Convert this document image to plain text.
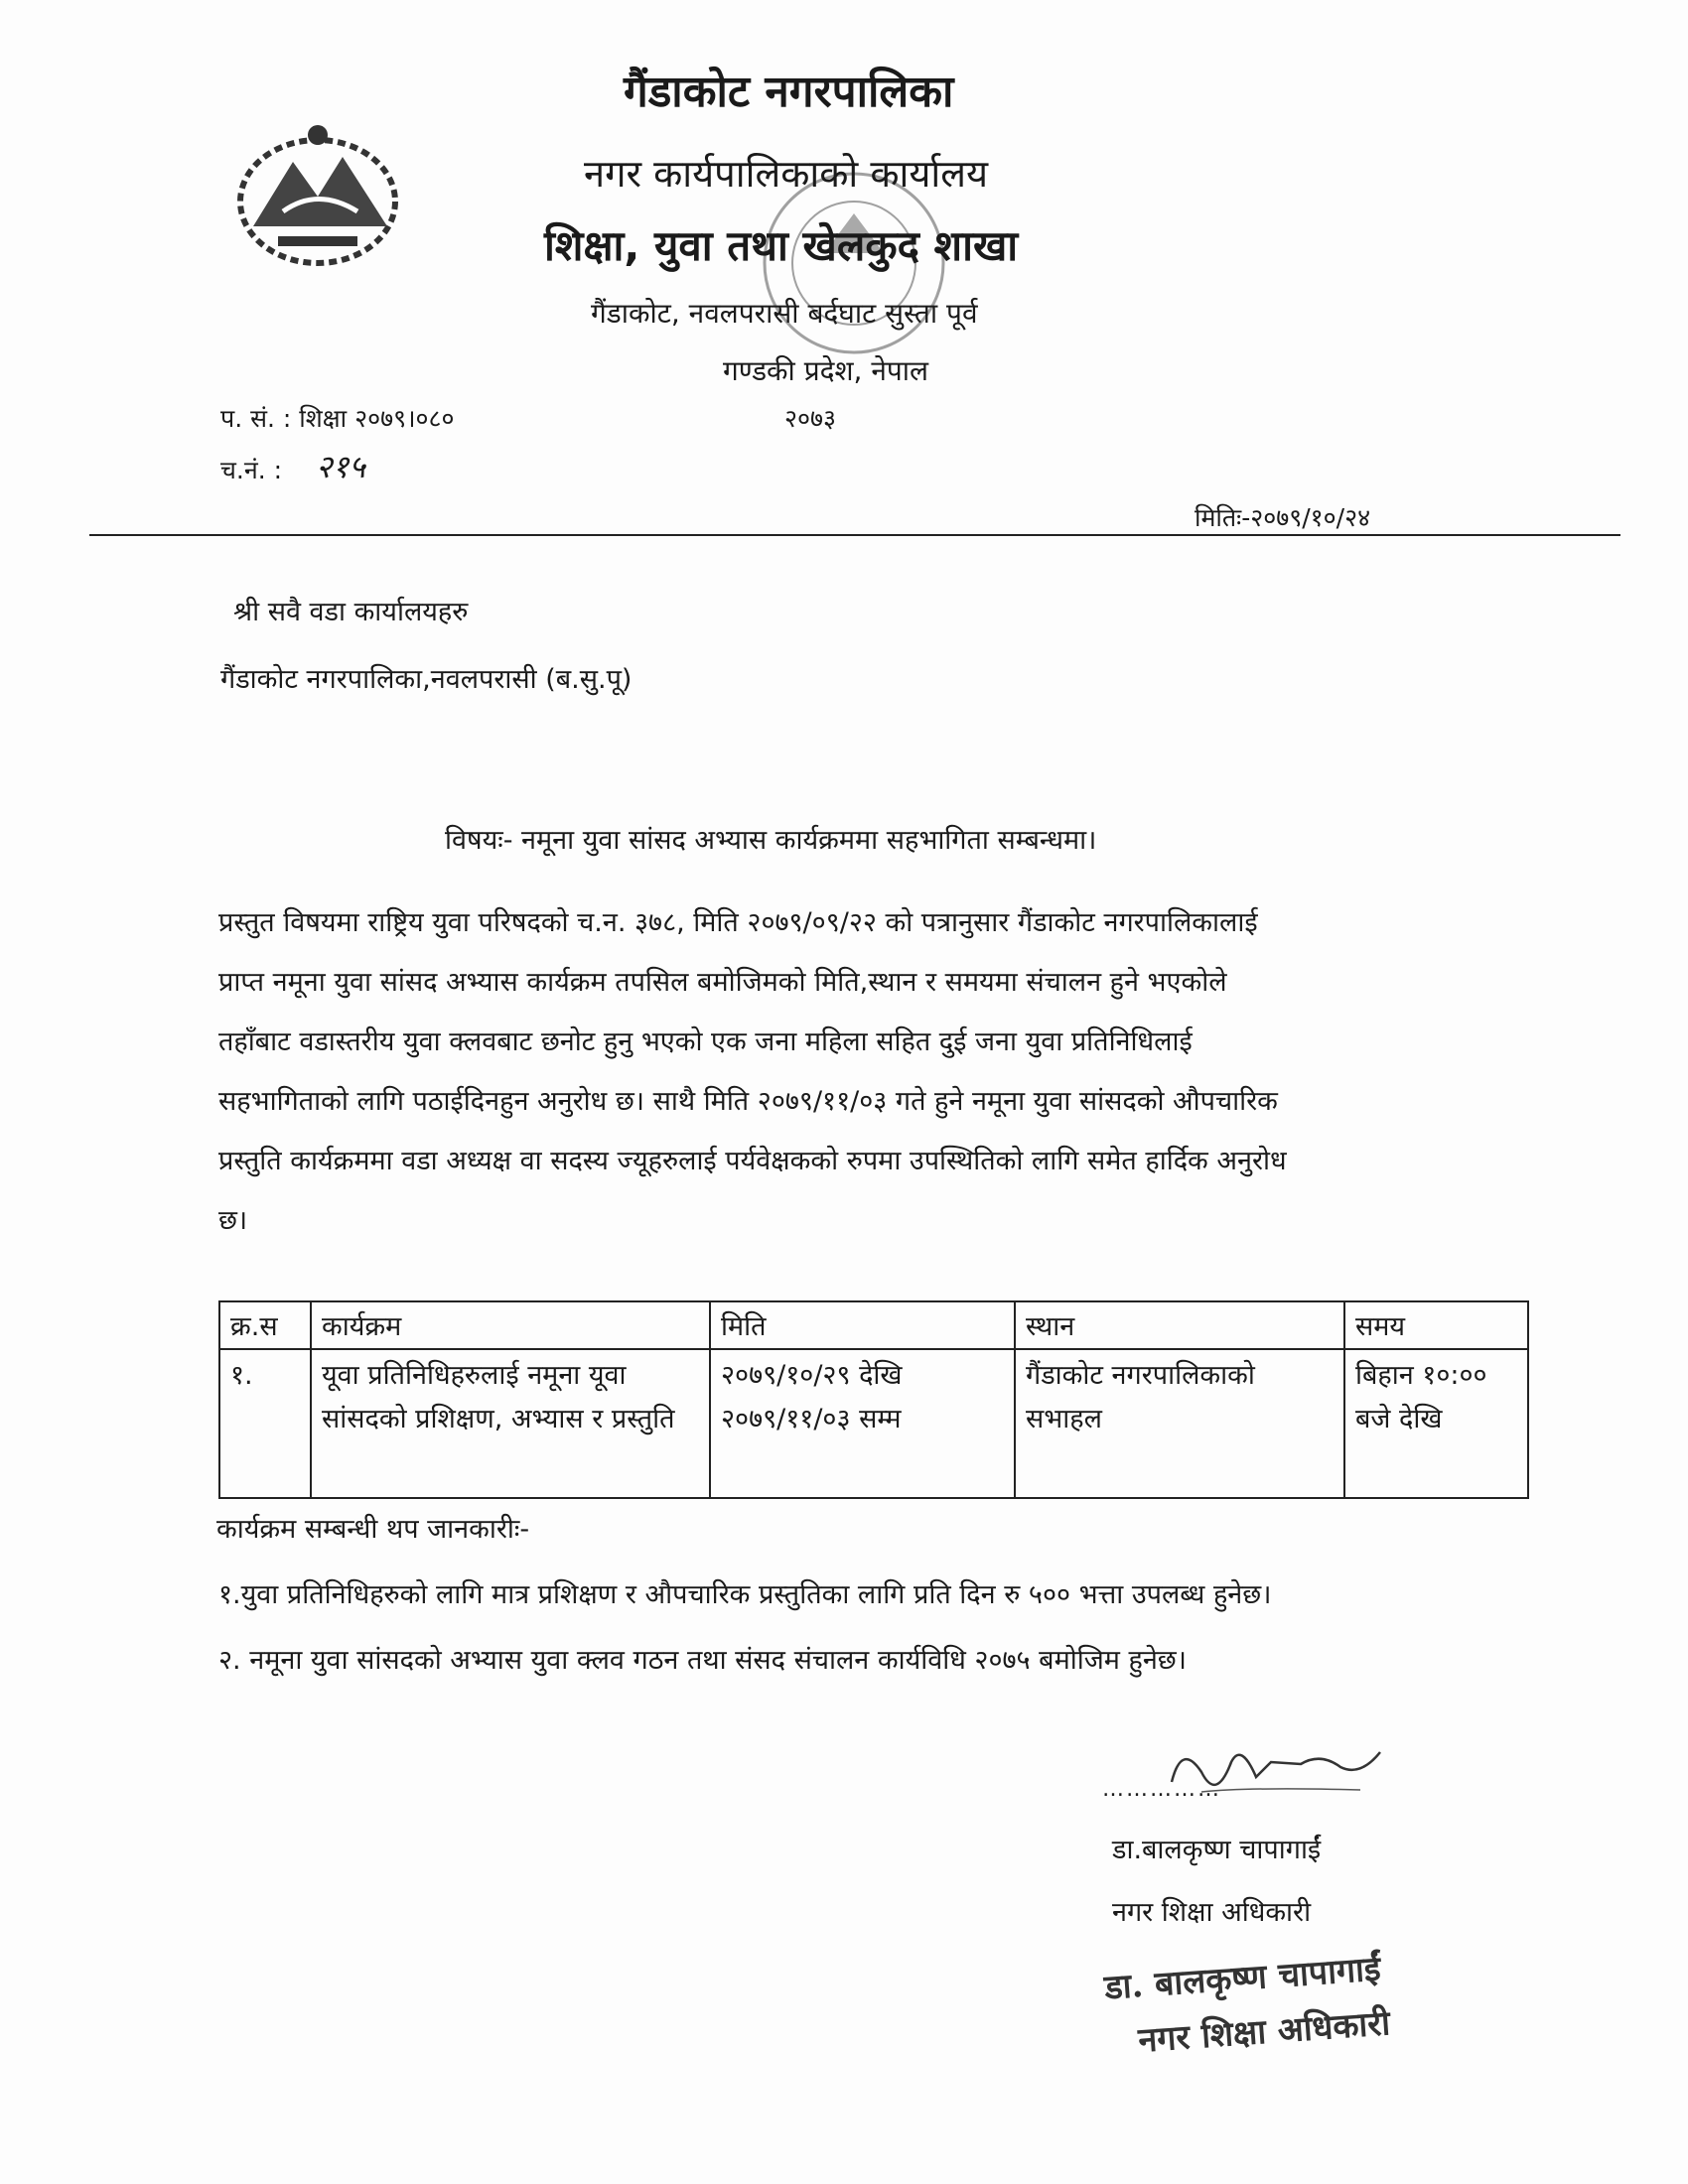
गैंडाकोट नगरपालिका
नगर कार्यपालिकाको कार्यालय
शिक्षा, युवा तथा खेलकुद शाखा
गैंडाकोट, नवलपरासी बर्दघाट सुस्ता पूर्व
गण्डकी प्रदेश, नेपाल
२०७३
प. सं. : शिक्षा २०७९।०८०
च.नं. : २१५
मितिः-२०७९/१०/२४
श्री सवै वडा कार्यालयहरु
गैंडाकोट नगरपालिका,नवलपरासी (ब.सु.पू)
विषयः- नमूना युवा सांसद अभ्यास कार्यक्रममा सहभागिता सम्बन्धमा।
प्रस्तुत विषयमा राष्ट्रिय युवा परिषदको च.न. ३७८, मिति २०७९/०९/२२ को पत्रानुसार गैंडाकोट नगरपालिकालाई
प्राप्त नमूना युवा सांसद अभ्यास कार्यक्रम तपसिल बमोजिमको मिति,स्थान र समयमा संचालन हुने भएकोले
तहाँबाट वडास्तरीय युवा क्लवबाट छनोट हुनु भएको एक जना महिला सहित दुई जना युवा प्रतिनिधिलाई
सहभागिताको लागि पठाईदिनहुन अनुरोध छ। साथै मिति २०७९/११/०३ गते हुने नमूना युवा सांसदको औपचारिक
प्रस्तुति कार्यक्रममा वडा अध्यक्ष वा सदस्य ज्यूहरुलाई पर्यवेक्षकको रुपमा उपस्थितिको लागि समेत हार्दिक अनुरोध
छ।
क्र.स	कार्यक्रम	मिति	स्थान	समय
१.	यूवा प्रतिनिधिहरुलाई नमूना यूवा सांसदको प्रशिक्षण, अभ्यास र प्रस्तुति	२०७९/१०/२९ देखि २०७९/११/०३ सम्म	गैंडाकोट नगरपालिकाको सभाहल	बिहान १०:०० बजे देखि
कार्यक्रम सम्बन्धी थप जानकारीः-
१.युवा प्रतिनिधिहरुको लागि मात्र प्रशिक्षण र औपचारिक प्रस्तुतिका लागि प्रति दिन रु ५०० भत्ता उपलब्ध हुनेछ।
२. नमूना युवा सांसदको अभ्यास युवा क्लव गठन तथा संसद संचालन कार्यविधि २०७५ बमोजिम हुनेछ।
……………
डा.बालकृष्ण चापागाईं
नगर शिक्षा अधिकारी
डा. बालकृष्ण चापागाईं
नगर शिक्षा अधिकारी
